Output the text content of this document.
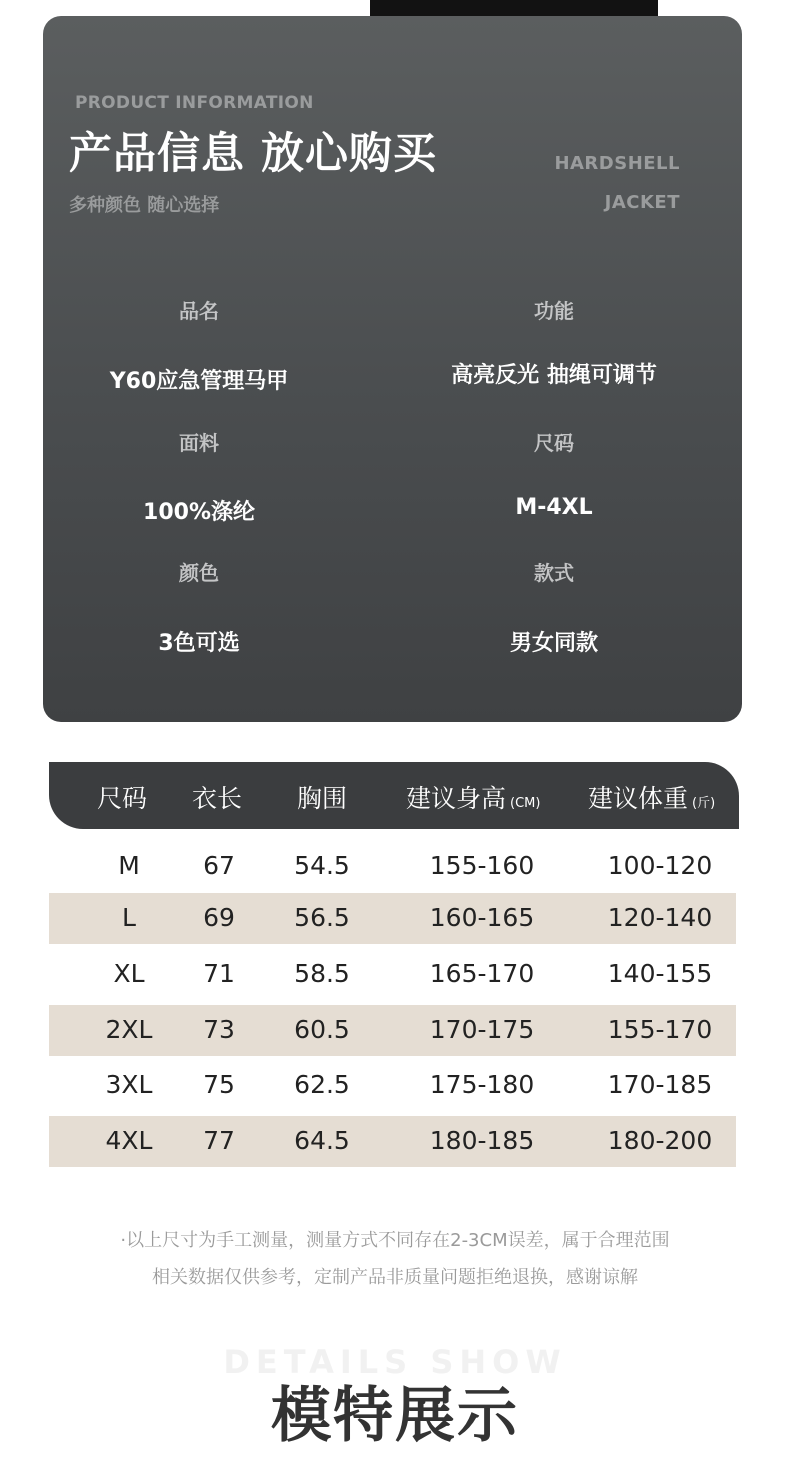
PRODUCT INFORMATION
产品信息 放心购买
多种颜色 随心选择
HARDSHELL
JACKET
品名
Y60应急管理马甲
功能
高亮反光 抽绳可调节
面料
100%涤纶
尺码
M-4XL
颜色
3色可选
款式
男女同款
尺码 衣长 胸围 建议身高 (CM) 建议体重 (斤)
M	67 54.5	155-160	100-120
L	69 56.5	160-165	120-140
XL 71 58.5	165-170	140-155
2XL 73 60.5	170-175	155-170
3XL 75 62.5	175-180	170-185
4XL 77 64.5	180-185	180-200
·以上尺寸为手工测量，测量方式不同存在2-3CM误差，属于合理范围
相关数据仅供参考，定制产品非质量问题拒绝退换，感谢谅解
DETAILS SHOW
模特展示
